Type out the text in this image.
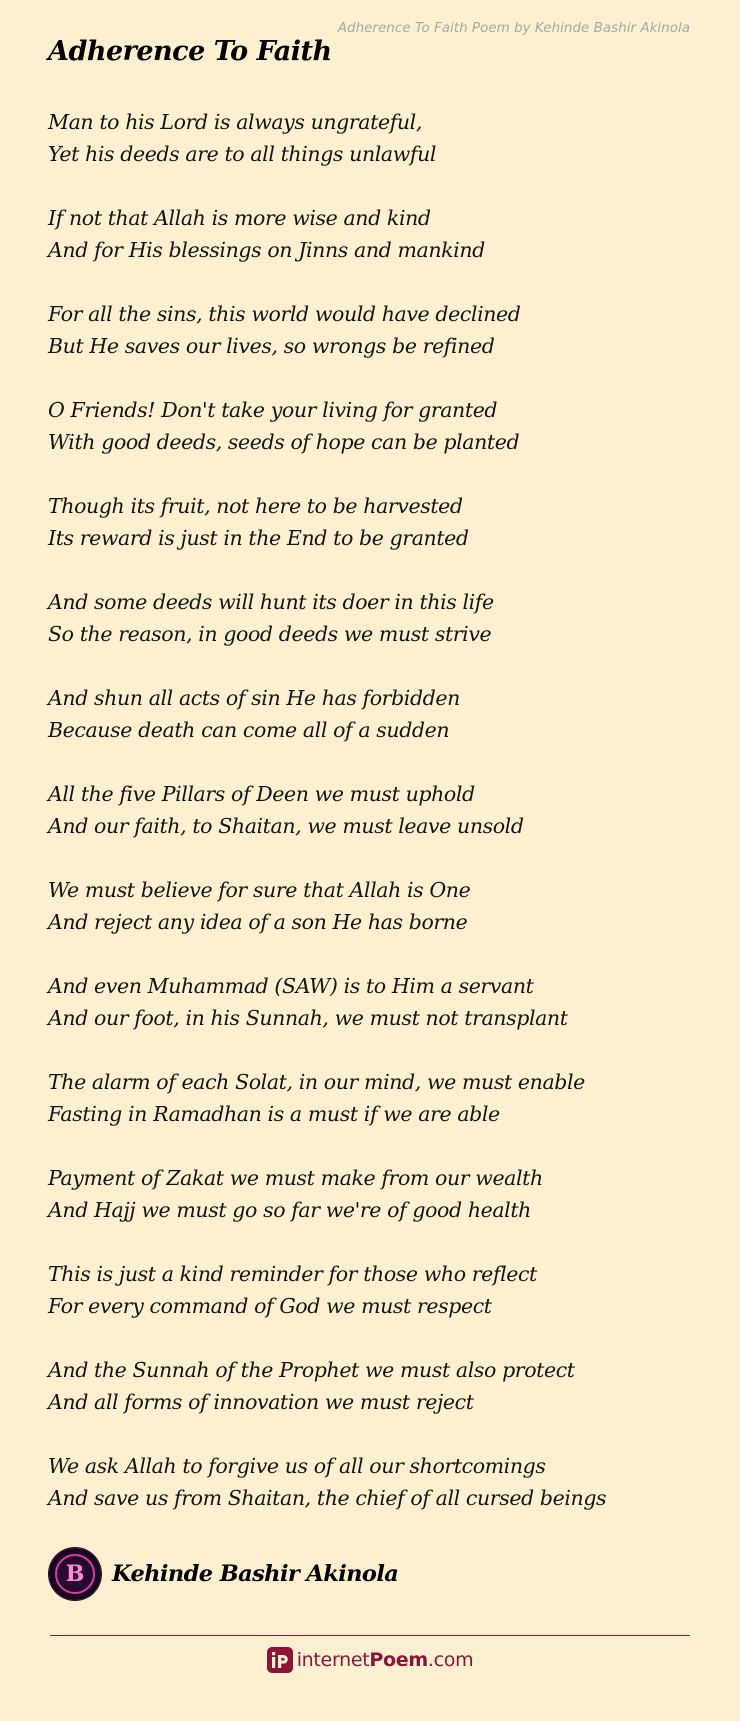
Adherence To Faith Poem by Kehinde Bashir Akinola
Adherence To Faith

Man to his Lord is always ungrateful,
Yet his deeds are to all things unlawful

If not that Allah is more wise and kind
And for His blessings on Jinns and mankind

For all the sins, this world would have declined
But He saves our lives, so wrongs be refined

O Friends! Don't take your living for granted
With good deeds, seeds of hope can be planted

Though its fruit, not here to be harvested
Its reward is just in the End to be granted

And some deeds will hunt its doer in this life
So the reason, in good deeds we must strive

And shun all acts of sin He has forbidden
Because death can come all of a sudden

All the five Pillars of Deen we must uphold
And our faith, to Shaitan, we must leave unsold

We must believe for sure that Allah is One
And reject any idea of a son He has borne

And even Muhammad (SAW) is to Him a servant
And our foot, in his Sunnah, we must not transplant

The alarm of each Solat, in our mind, we must enable
Fasting in Ramadhan is a must if we are able

Payment of Zakat we must make from our wealth
And Hajj we must go so far we're of good health

This is just a kind reminder for those who reflect
For every command of God we must respect

And the Sunnah of the Prophet we must also protect
And all forms of innovation we must reject

We ask Allah to forgive us of all our shortcomings
And save us from Shaitan, the chief of all cursed beings

B	Kehinde Bashir Akinola
internetPoem.com
